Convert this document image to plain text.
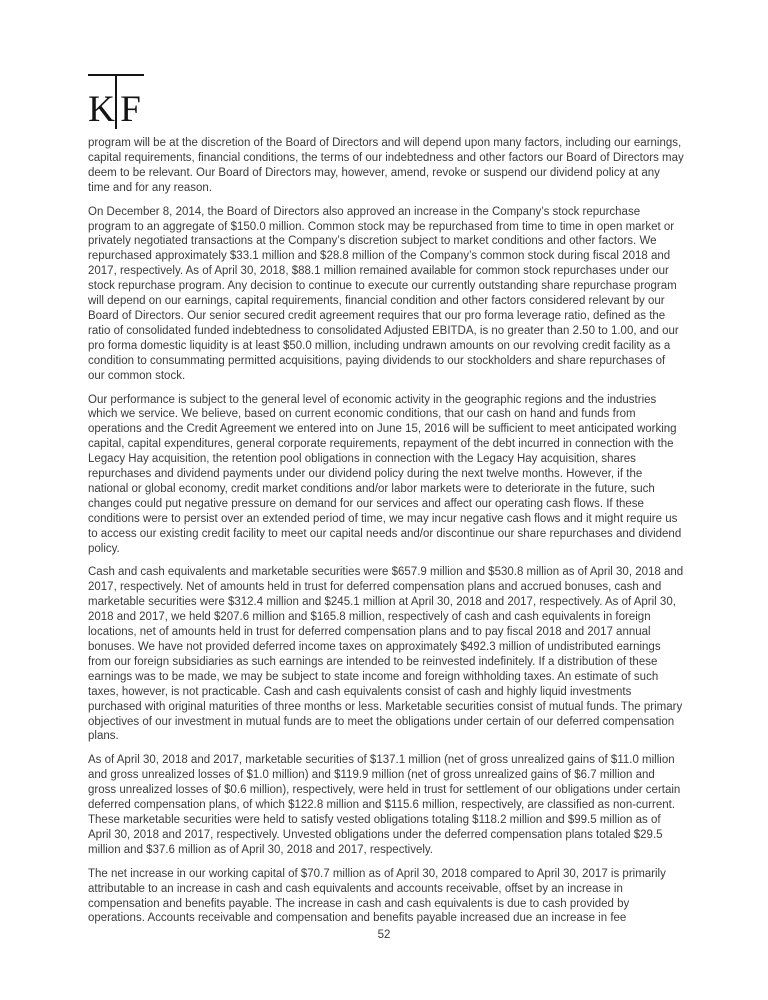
K F

program will be at the discretion of the Board of Directors and will depend upon many factors, including our earnings, capital requirements, financial conditions, the terms of our indebtedness and other factors our Board of Directors may deem to be relevant. Our Board of Directors may, however, amend, revoke or suspend our dividend policy at any time and for any reason.

On December 8, 2014, the Board of Directors also approved an increase in the Company’s stock repurchase program to an aggregate of $150.0 million. Common stock may be repurchased from time to time in open market or privately negotiated transactions at the Company’s discretion subject to market conditions and other factors. We repurchased approximately $33.1 million and $28.8 million of the Company’s common stock during fiscal 2018 and 2017, respectively. As of April 30, 2018, $88.1 million remained available for common stock repurchases under our stock repurchase program. Any decision to continue to execute our currently outstanding share repurchase program will depend on our earnings, capital requirements, financial condition and other factors considered relevant by our Board of Directors. Our senior secured credit agreement requires that our pro forma leverage ratio, defined as the ratio of consolidated funded indebtedness to consolidated Adjusted EBITDA, is no greater than 2.50 to 1.00, and our pro forma domestic liquidity is at least $50.0 million, including undrawn amounts on our revolving credit facility as a condition to consummating permitted acquisitions, paying dividends to our stockholders and share repurchases of our common stock.

Our performance is subject to the general level of economic activity in the geographic regions and the industries which we service. We believe, based on current economic conditions, that our cash on hand and funds from operations and the Credit Agreement we entered into on June 15, 2016 will be sufficient to meet anticipated working capital, capital expenditures, general corporate requirements, repayment of the debt incurred in connection with the Legacy Hay acquisition, the retention pool obligations in connection with the Legacy Hay acquisition, shares repurchases and dividend payments under our dividend policy during the next twelve months. However, if the national or global economy, credit market conditions and/or labor markets were to deteriorate in the future, such changes could put negative pressure on demand for our services and affect our operating cash flows. If these conditions were to persist over an extended period of time, we may incur negative cash flows and it might require us to access our existing credit facility to meet our capital needs and/or discontinue our share repurchases and dividend policy.

Cash and cash equivalents and marketable securities were $657.9 million and $530.8 million as of April 30, 2018 and 2017, respectively. Net of amounts held in trust for deferred compensation plans and accrued bonuses, cash and marketable securities were $312.4 million and $245.1 million at April 30, 2018 and 2017, respectively. As of April 30, 2018 and 2017, we held $207.6 million and $165.8 million, respectively of cash and cash equivalents in foreign locations, net of amounts held in trust for deferred compensation plans and to pay fiscal 2018 and 2017 annual bonuses. We have not provided deferred income taxes on approximately $492.3 million of undistributed earnings from our foreign subsidiaries as such earnings are intended to be reinvested indefinitely. If a distribution of these earnings was to be made, we may be subject to state income and foreign withholding taxes. An estimate of such taxes, however, is not practicable. Cash and cash equivalents consist of cash and highly liquid investments purchased with original maturities of three months or less. Marketable securities consist of mutual funds. The primary objectives of our investment in mutual funds are to meet the obligations under certain of our deferred compensation plans.

As of April 30, 2018 and 2017, marketable securities of $137.1 million (net of gross unrealized gains of $11.0 million and gross unrealized losses of $1.0 million) and $119.9 million (net of gross unrealized gains of $6.7 million and gross unrealized losses of $0.6 million), respectively, were held in trust for settlement of our obligations under certain deferred compensation plans, of which $122.8 million and $115.6 million, respectively, are classified as non-current. These marketable securities were held to satisfy vested obligations totaling $118.2 million and $99.5 million as of April 30, 2018 and 2017, respectively. Unvested obligations under the deferred compensation plans totaled $29.5 million and $37.6 million as of April 30, 2018 and 2017, respectively.

The net increase in our working capital of $70.7 million as of April 30, 2018 compared to April 30, 2017 is primarily attributable to an increase in cash and cash equivalents and accounts receivable, offset by an increase in compensation and benefits payable. The increase in cash and cash equivalents is due to cash provided by operations. Accounts receivable and compensation and benefits payable increased due an increase in fee

52
